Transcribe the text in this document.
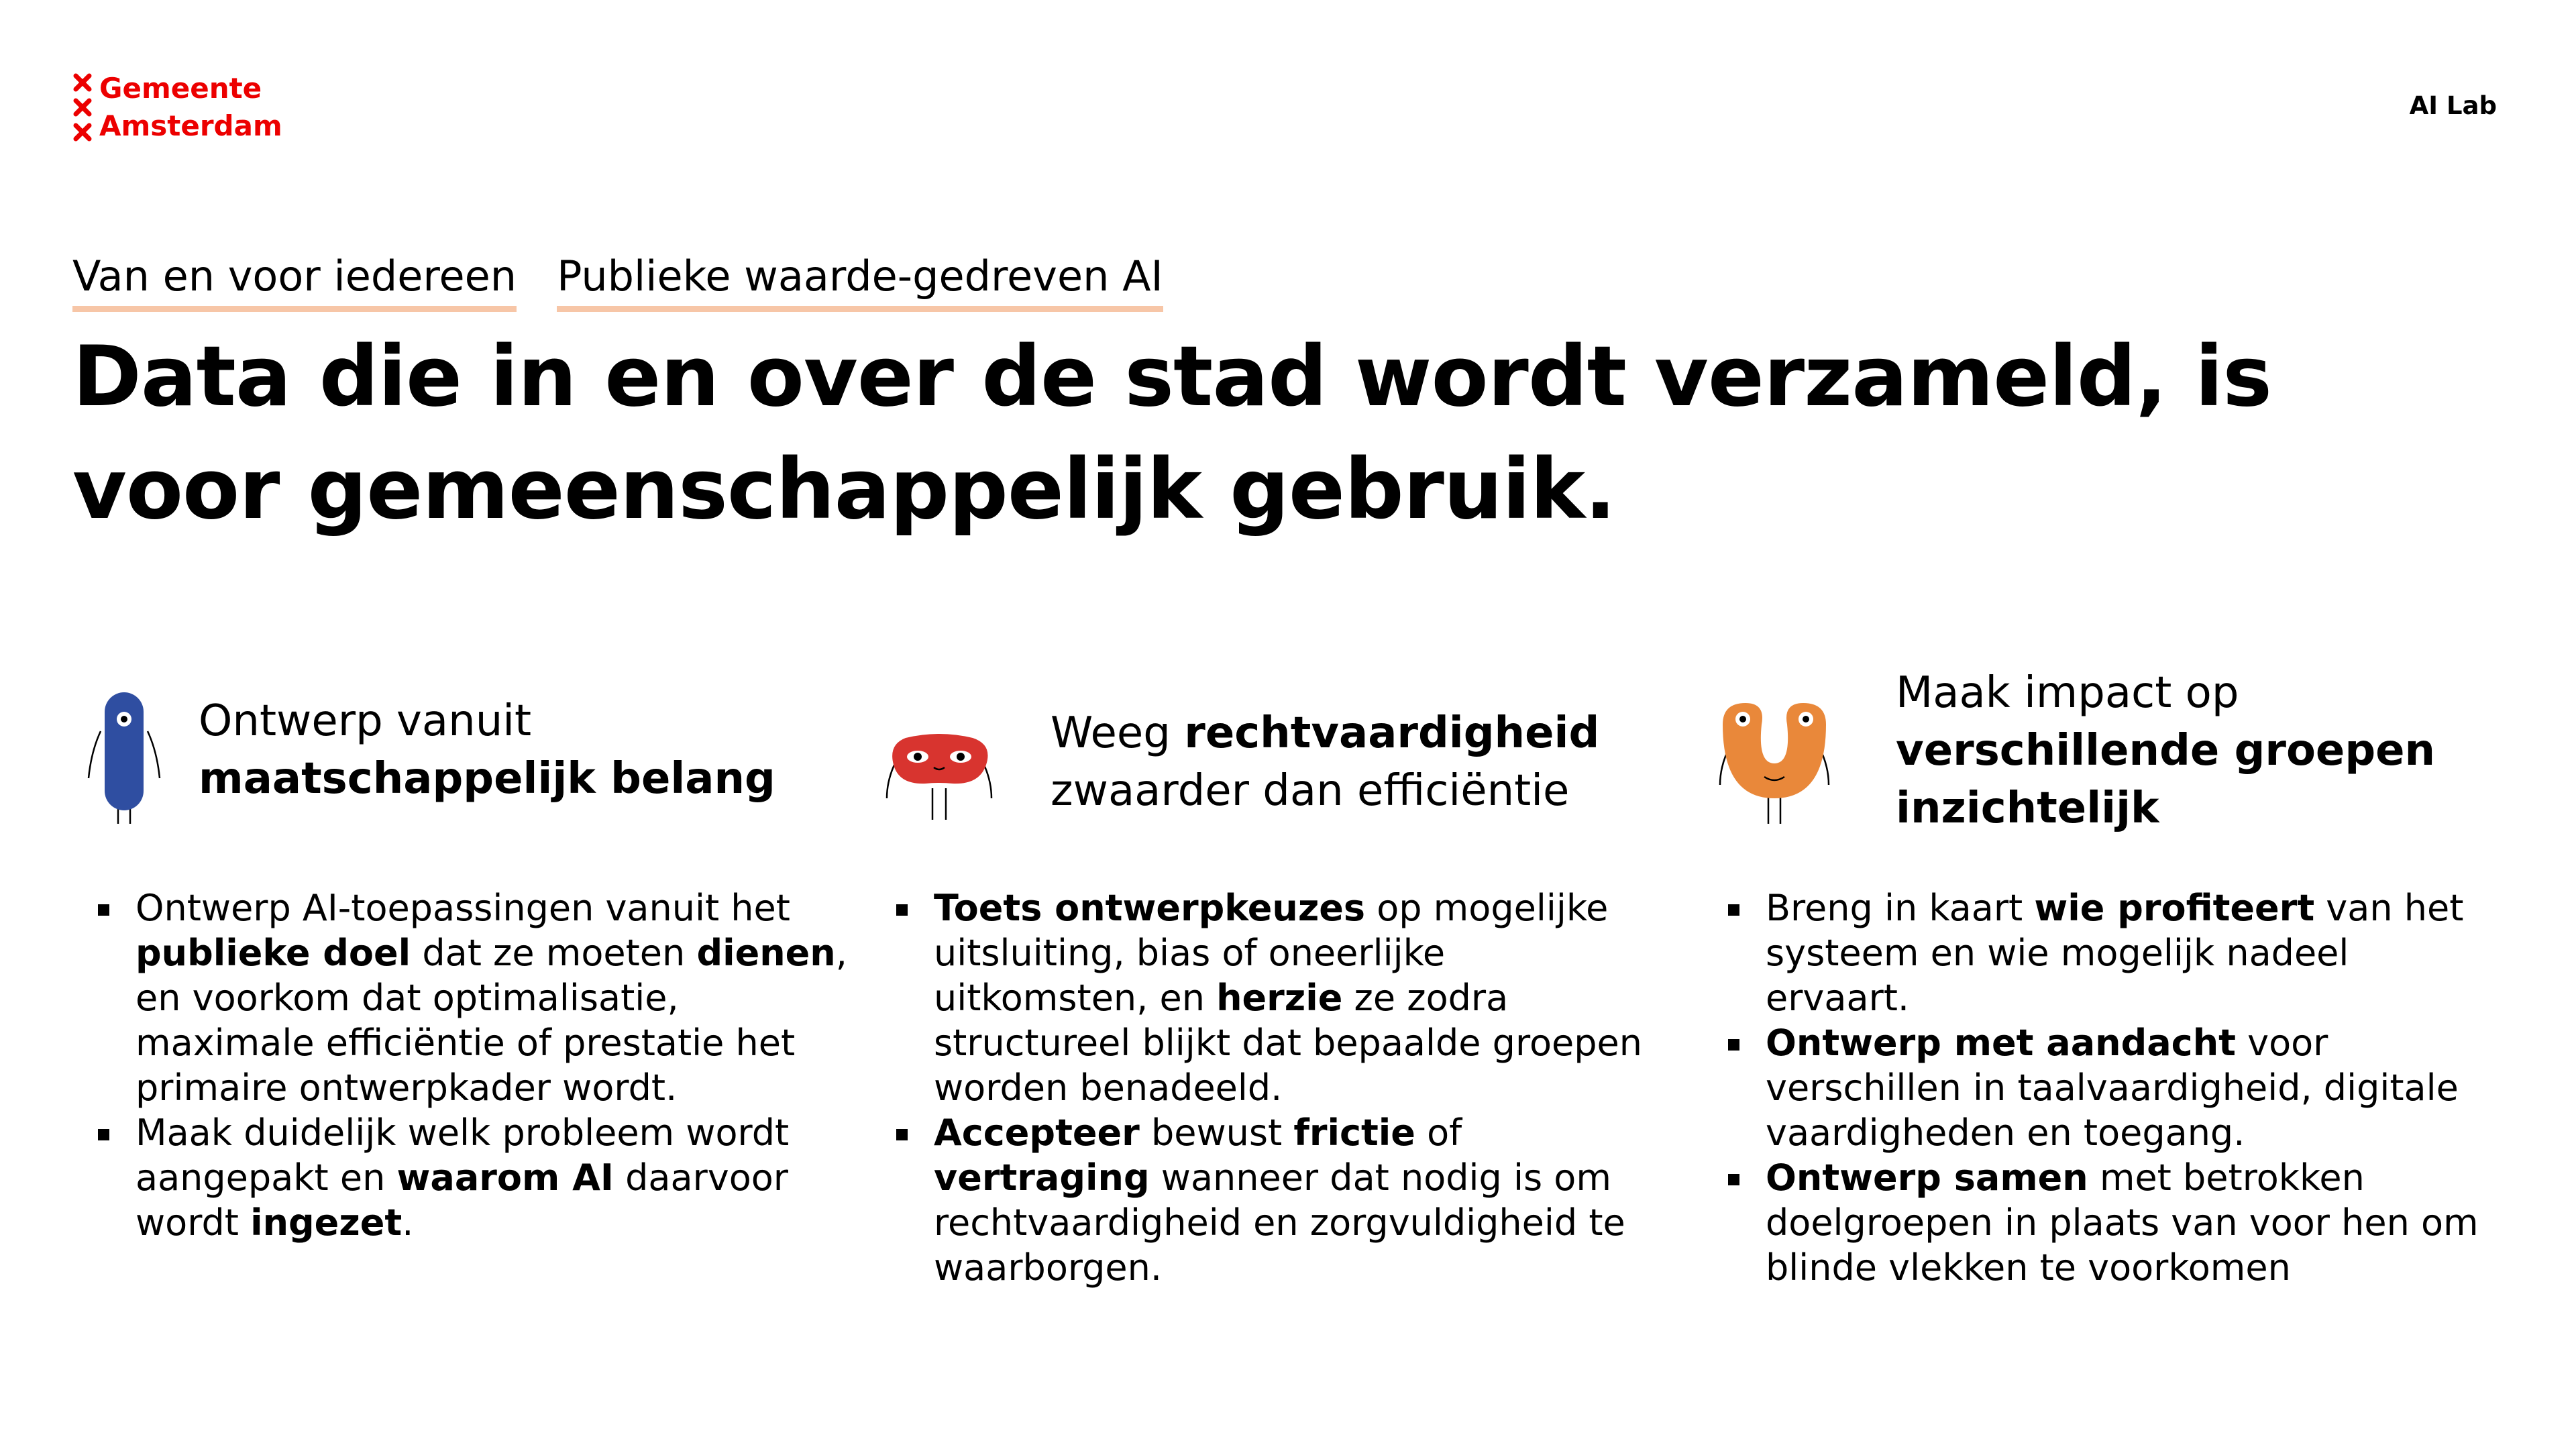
Gemeente
Amsterdam
AI Lab
Van en voor iedereen Publieke waarde-gedreven AI
Data die in en over de stad wordt verzameld, is
voor gemeenschappelijk gebruik.
Ontwerp vanuit
maatschappelijk belang
Ontwerp AI-toepassingen vanuit het publieke doel dat ze moeten dienen, en voorkom dat optimalisatie, maximale efficiëntie of prestatie het primaire ontwerpkader wordt.
Maak duidelijk welk probleem wordt aangepakt en waarom AI daarvoor wordt ingezet.
Weeg rechtvaardigheid
zwaarder dan efficiëntie
Toets ontwerpkeuzes op mogelijke uitsluiting, bias of oneerlijke uitkomsten, en herzie ze zodra structureel blijkt dat bepaalde groepen worden benadeeld.
Accepteer bewust frictie of vertraging wanneer dat nodig is om rechtvaardigheid en zorgvuldigheid te waarborgen.
Maak impact op
verschillende groepen inzichtelijk
Breng in kaart wie profiteert van het systeem en wie mogelijk nadeel ervaart.
Ontwerp met aandacht voor verschillen in taalvaardigheid, digitale vaardigheden en toegang.
Ontwerp samen met betrokken doelgroepen in plaats van voor hen om blinde vlekken te voorkomen
